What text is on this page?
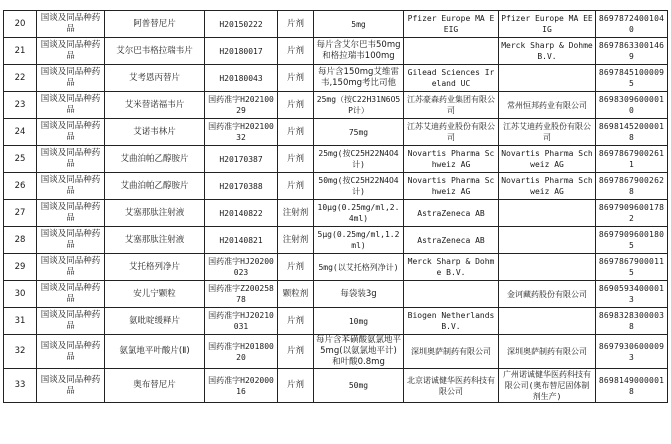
20	国谈及同品种药品	阿普替尼片	H20150222	片剂	5mg	Pfizer Europe MA EEIG	Pfizer Europe MA EEIG	86978724001040
21	国谈及同品种药品	艾尔巴韦格拉瑞韦片	H20180017	片剂	每片含艾尔巴韦50mg和格拉瑞韦100mg		Merck Sharp & Dohme B.V.	86978633001469
22	国谈及同品种药品	艾考恩丙替片	H20180043	片剂	每片含150mg艾维雷韦,150mg考比司他	Gilead Sciences Ireland UC		86978451000095
23	国谈及同品种药品	艾米替诺福韦片	国药准字H20210029	片剂	25mg（按C22H31N6O5P计）	江苏豪森药业集团有限公司	常州恒邦药业有限公司	86983096000010
24	国谈及同品种药品	艾诺韦林片	国药准字H20210032	片剂	75mg	江苏艾迪药业股份有限公司	江苏艾迪药业股份有限公司	86981452000018
25	国谈及同品种药品	艾曲泊帕乙醇胺片	H20170387	片剂	25mg(按C25H22N4O4计)	Novartis Pharma Schweiz AG	Novartis Pharma Schweiz AG	86978679002611
26	国谈及同品种药品	艾曲泊帕乙醇胺片	H20170388	片剂	50mg(按C25H22N4O4计)	Novartis Pharma Schweiz AG	Novartis Pharma Schweiz AG	86978679002628
27	国谈及同品种药品	艾塞那肽注射液	H20140822	注射剂	10μg(0.25mg/ml,2.4ml)	AstraZeneca AB		86979096001782
28	国谈及同品种药品	艾塞那肽注射液	H20140821	注射剂	5μg(0.25mg/ml,1.2ml)	AstraZeneca AB		86979096001805
29	国谈及同品种药品	艾托格列净片	国药准字HJ20200023	片剂	5mg(以艾托格列净计)	Merck Sharp & Dohme B.V.		86978679000115
30	国谈及同品种药品	安儿宁颗粒	国药准字Z20025878	颗粒剂	每袋装3g		金诃藏药股份有限公司	86905934000013
31	国谈及同品种药品	氨吡啶缓释片	国药准字HJ20210031	片剂	10mg	Biogen Netherlands B.V.		86983283000038
32	国谈及同品种药品	氨氯地平叶酸片(Ⅱ)	国药准字H20180020	片剂	每片含苯磺酸氨氯地平5mg(以氨氯地平计)和叶酸0.8mg	深圳奥萨制药有限公司	深圳奥萨制药有限公司	86979306000093
33	国谈及同品种药品	奥布替尼片	国药准字H20200016	片剂	50mg	北京诺诚健华医药科技有限公司	广州诺诚健华医药科技有限公司(奥布替尼固体制剂生产)	86981490000018
